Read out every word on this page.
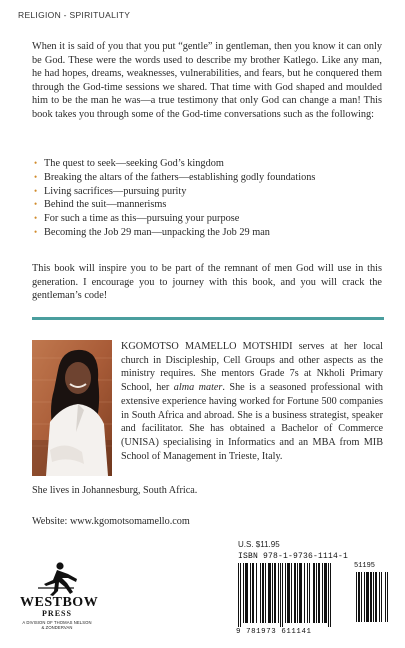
RELIGION - SPIRITUALITY
When it is said of you that you put “gentle” in gentleman, then you know it can only be God. These were the words used to describe my brother Katlego. Like any man, he had hopes, dreams, weaknesses, vulnerabilities, and fears, but he conquered them through the God-time sessions we shared. That time with God shaped and moulded him to be the man he was—a true testimony that only God can change a man! This book takes you through some of the God-time conversations such as the following:
• The quest to seek—seeking God’s kingdom
• Breaking the altars of the fathers—establishing godly foundations
• Living sacrifices—pursuing purity
• Behind the suit—mannerisms
• For such a time as this—pursuing your purpose
• Becoming the Job 29 man—unpacking the Job 29 man
This book will inspire you to be part of the remnant of men God will use in this generation. I encourage you to journey with this book, and you will crack the gentleman’s code!
KGOMOTSO MAMELLO MOTSHIDI serves at her local church in Discipleship, Cell Groups and other aspects as the ministry requires. She mentors Grade 7s at Nkholi Primary School, her alma mater. She is a seasoned professional with extensive experience having worked for Fortune 500 companies in South Africa and abroad. She is a business strategist, speaker and facilitator. She has obtained a Bachelor of Commerce (UNISA) specialising in Informatics and an MBA from MIB School of Management in Trieste, Italy.
She lives in Johannesburg, South Africa.
Website: www.kgomotsomamello.com
WESTBOW
PRESS
A DIVISION OF THOMAS NELSON
& ZONDERVAN
U.S. $11.95
ISBN 978-1-9736-1114-1
9 781973 611141
51195
